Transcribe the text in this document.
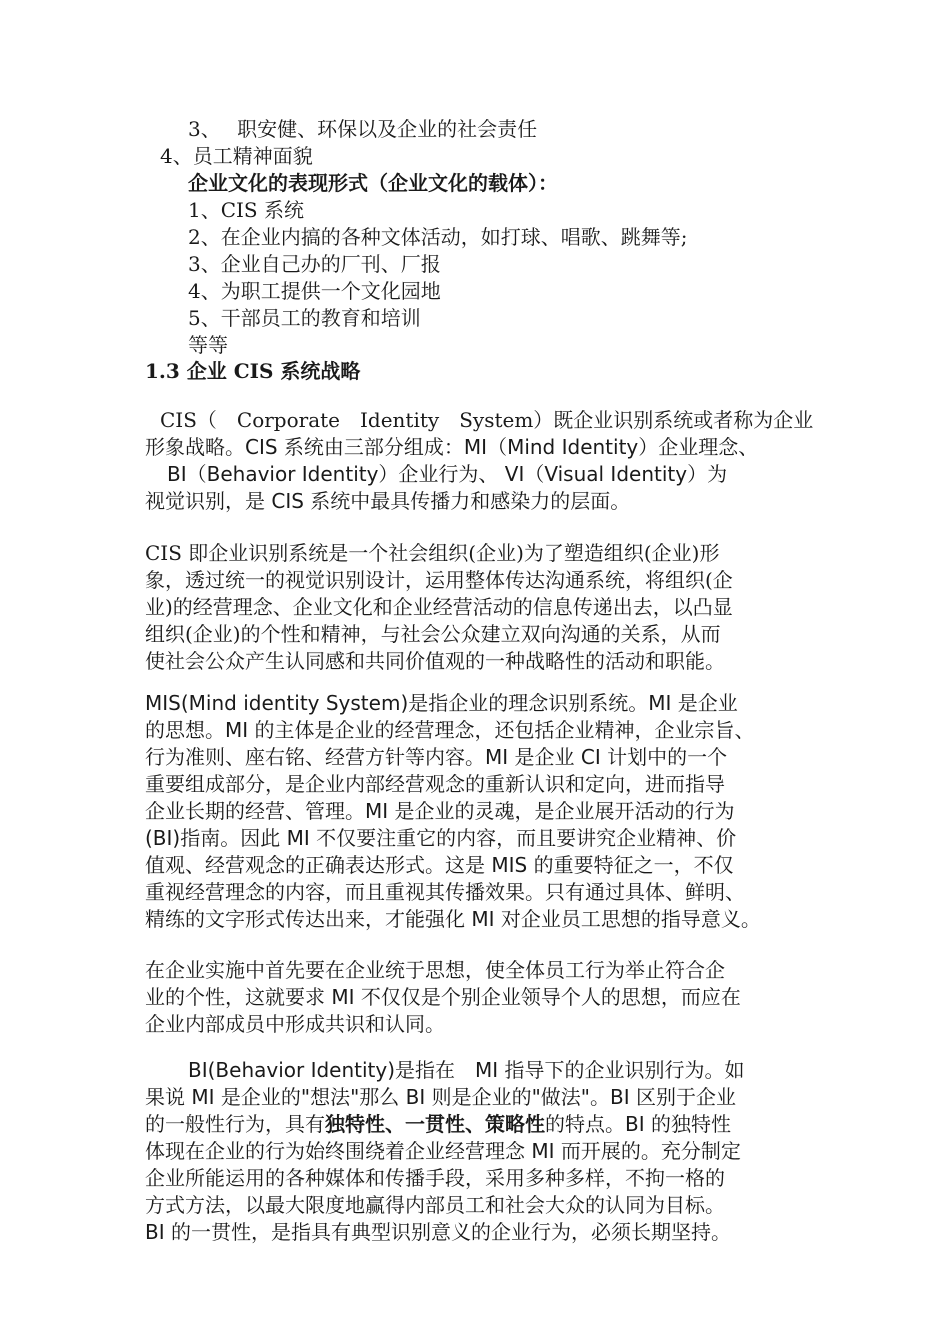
3、　 职安健、环保以及企业的社会责任
4、员工精神面貌
企业文化的表现形式（企业文化的载体）：
1、CIS 系统
2、在企业内搞的各种文体活动，如打球、唱歌、跳舞等;
3、企业自己办的厂刊、厂报
4、为职工提供一个文化园地
5、干部员工的教育和培训
等等
1.3 企业 CIS 系统战略
CIS（　Corporate　Identity　System）既企业识别系统或者称为企业
形象战略。CIS 系统由三部分组成：MI（Mind Identity）企业理念、
BI（Behavior Identity）企业行为、 VI（Visual Identity）为
视觉识别，是 CIS 系统中最具传播力和感染力的层面。
CIS 即企业识别系统是一个社会组织(企业)为了塑造组织(企业)形
象，透过统一的视觉识别设计，运用整体传达沟通系统，将组织(企
业)的经营理念、企业文化和企业经营活动的信息传递出去，以凸显
组织(企业)的个性和精神，与社会公众建立双向沟通的关系，从而
使社会公众产生认同感和共同价值观的一种战略性的活动和职能。
MIS(Mind identity System)是指企业的理念识别系统。MI 是企业
的思想。MI 的主体是企业的经营理念，还包括企业精神，企业宗旨、
行为准则、座右铭、经营方针等内容。MI 是企业 CI 计划中的一个
重要组成部分，是企业内部经营观念的重新认识和定向，进而指导
企业长期的经营、管理。MI 是企业的灵魂，是企业展开活动的行为
(BI)指南。因此 MI 不仅要注重它的内容，而且要讲究企业精神、价
值观、经营观念的正确表达形式。这是 MIS 的重要特征之一，不仅
重视经营理念的内容，而且重视其传播效果。只有通过具体、鲜明、
精练的文字形式传达出来，才能强化 MI 对企业员工思想的指导意义。
在企业实施中首先要在企业统于思想，使全体员工行为举止符合企
业的个性，这就要求 MI 不仅仅是个别企业领导个人的思想，而应在
企业内部成员中形成共识和认同。
BI(Behavior Identity)是指在　MI 指导下的企业识别行为。如
果说 MI 是企业的"想法"那么 BI 则是企业的"做法"。BI 区别于企业
的一般性行为，具有独特性、一贯性、策略性的特点。BI 的独特性
体现在企业的行为始终围绕着企业经营理念 MI 而开展的。充分制定
企业所能运用的各种媒体和传播手段，采用多种多样，不拘一格的
方式方法，以最大限度地赢得内部员工和社会大众的认同为目标。
BI 的一贯性，是指具有典型识别意义的企业行为，必须长期坚持。
